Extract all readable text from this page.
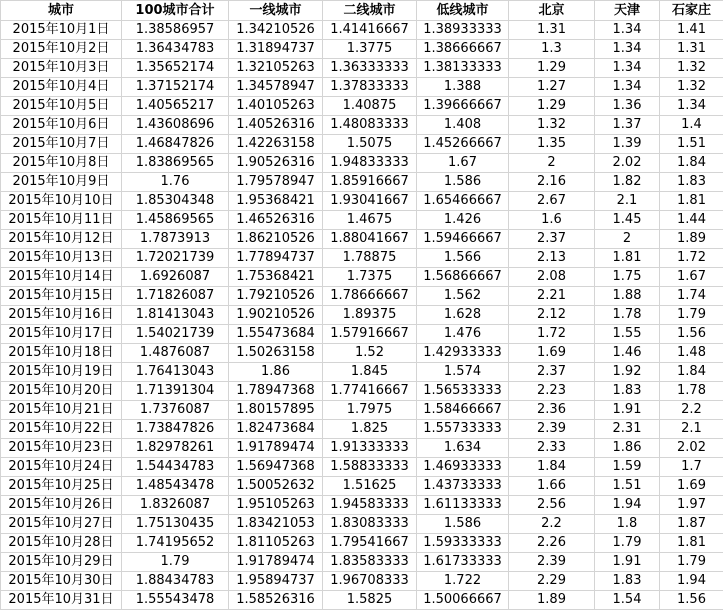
城市	100城市合计	一线城市	二线城市	低线城市	北京	天津	石家庄
2015年10月1日	1.38586957	1.34210526	1.41416667	1.38933333	1.31	1.34	1.41
2015年10月2日	1.36434783	1.31894737	1.3775	1.38666667	1.3	1.34	1.31
2015年10月3日	1.35652174	1.32105263	1.36333333	1.38133333	1.29	1.34	1.32
2015年10月4日	1.37152174	1.34578947	1.37833333	1.388	1.27	1.34	1.32
2015年10月5日	1.40565217	1.40105263	1.40875	1.39666667	1.29	1.36	1.34
2015年10月6日	1.43608696	1.40526316	1.48083333	1.408	1.32	1.37	1.4
2015年10月7日	1.46847826	1.42263158	1.5075	1.45266667	1.35	1.39	1.51
2015年10月8日	1.83869565	1.90526316	1.94833333	1.67	2	2.02	1.84
2015年10月9日	1.76	1.79578947	1.85916667	1.586	2.16	1.82	1.83
2015年10月10日	1.85304348	1.95368421	1.93041667	1.65466667	2.67	2.1	1.81
2015年10月11日	1.45869565	1.46526316	1.4675	1.426	1.6	1.45	1.44
2015年10月12日	1.7873913	1.86210526	1.88041667	1.59466667	2.37	2	1.89
2015年10月13日	1.72021739	1.77894737	1.78875	1.566	2.13	1.81	1.72
2015年10月14日	1.6926087	1.75368421	1.7375	1.56866667	2.08	1.75	1.67
2015年10月15日	1.71826087	1.79210526	1.78666667	1.562	2.21	1.88	1.74
2015年10月16日	1.81413043	1.90210526	1.89375	1.628	2.12	1.78	1.79
2015年10月17日	1.54021739	1.55473684	1.57916667	1.476	1.72	1.55	1.56
2015年10月18日	1.4876087	1.50263158	1.52	1.42933333	1.69	1.46	1.48
2015年10月19日	1.76413043	1.86	1.845	1.574	2.37	1.92	1.84
2015年10月20日	1.71391304	1.78947368	1.77416667	1.56533333	2.23	1.83	1.78
2015年10月21日	1.7376087	1.80157895	1.7975	1.58466667	2.36	1.91	2.2
2015年10月22日	1.73847826	1.82473684	1.825	1.55733333	2.39	2.31	2.1
2015年10月23日	1.82978261	1.91789474	1.91333333	1.634	2.33	1.86	2.02
2015年10月24日	1.54434783	1.56947368	1.58833333	1.46933333	1.84	1.59	1.7
2015年10月25日	1.48543478	1.50052632	1.51625	1.43733333	1.66	1.51	1.69
2015年10月26日	1.8326087	1.95105263	1.94583333	1.61133333	2.56	1.94	1.97
2015年10月27日	1.75130435	1.83421053	1.83083333	1.586	2.2	1.8	1.87
2015年10月28日	1.74195652	1.81105263	1.79541667	1.59333333	2.26	1.79	1.81
2015年10月29日	1.79	1.91789474	1.83583333	1.61733333	2.39	1.91	1.79
2015年10月30日	1.88434783	1.95894737	1.96708333	1.722	2.29	1.83	1.94
2015年10月31日	1.55543478	1.58526316	1.5825	1.50066667	1.89	1.54	1.56
